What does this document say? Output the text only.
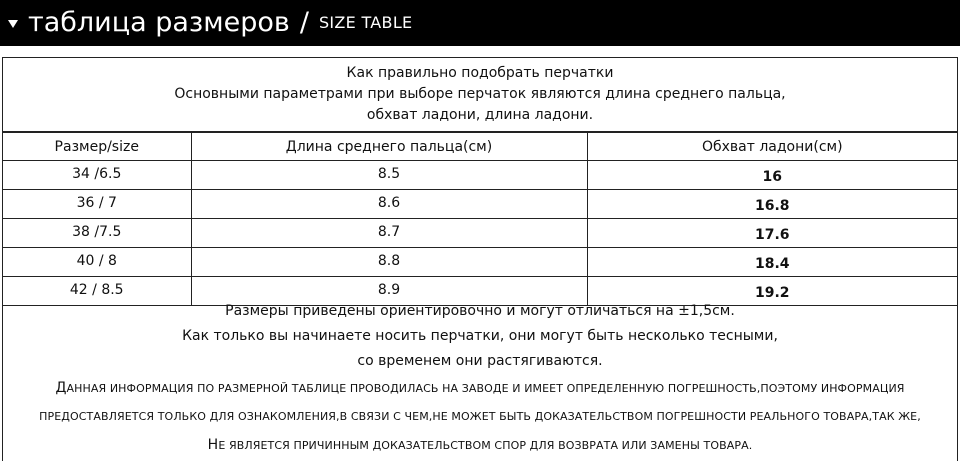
таблица размеров / SIZE TABLE
Как правильно подобрать перчатки
Основными параметрами при выборе перчаток являются длина среднего пальца,
обхват ладони, длина ладони.
Размер/size	Длина среднего пальца(см)	Обхват ладони(см)
34 /6.5	8.5	16
36 / 7	8.6	16.8
38 /7.5	8.7	17.6
40 / 8	8.8	18.4
42 / 8.5	8.9	19.2
Размеры приведены ориентировочно и могут отличаться на ±1,5см.
Как только вы начинаете носить перчатки, они могут быть несколько тесными,
со временем они растягиваются.
ДАННАЯ ИНФОРМАЦИЯ ПО РАЗМЕРНОЙ ТАБЛИЦЕ ПРОВОДИЛАСЬ НА ЗАВОДЕ И ИМЕЕТ ОПРЕДЕЛЕННУЮ ПОГРЕШНОСТЬ,ПОЭТОМУ ИНФОРМАЦИЯ
ПРЕДОСТАВЛЯЕТСЯ ТОЛЬКО ДЛЯ ОЗНАКОМЛЕНИЯ,В СВЯЗИ С ЧЕМ,НЕ МОЖЕТ БЫТЬ ДОКАЗАТЕЛЬСТВОМ ПОГРЕШНОСТИ РЕАЛЬНОГО ТОВАРА,ТАК ЖЕ,
НЕ ЯВЛЯЕТСЯ ПРИЧИННЫМ ДОКАЗАТЕЛЬСТВОМ СПОР ДЛЯ ВОЗВРАТА ИЛИ ЗАМЕНЫ ТОВАРА.
